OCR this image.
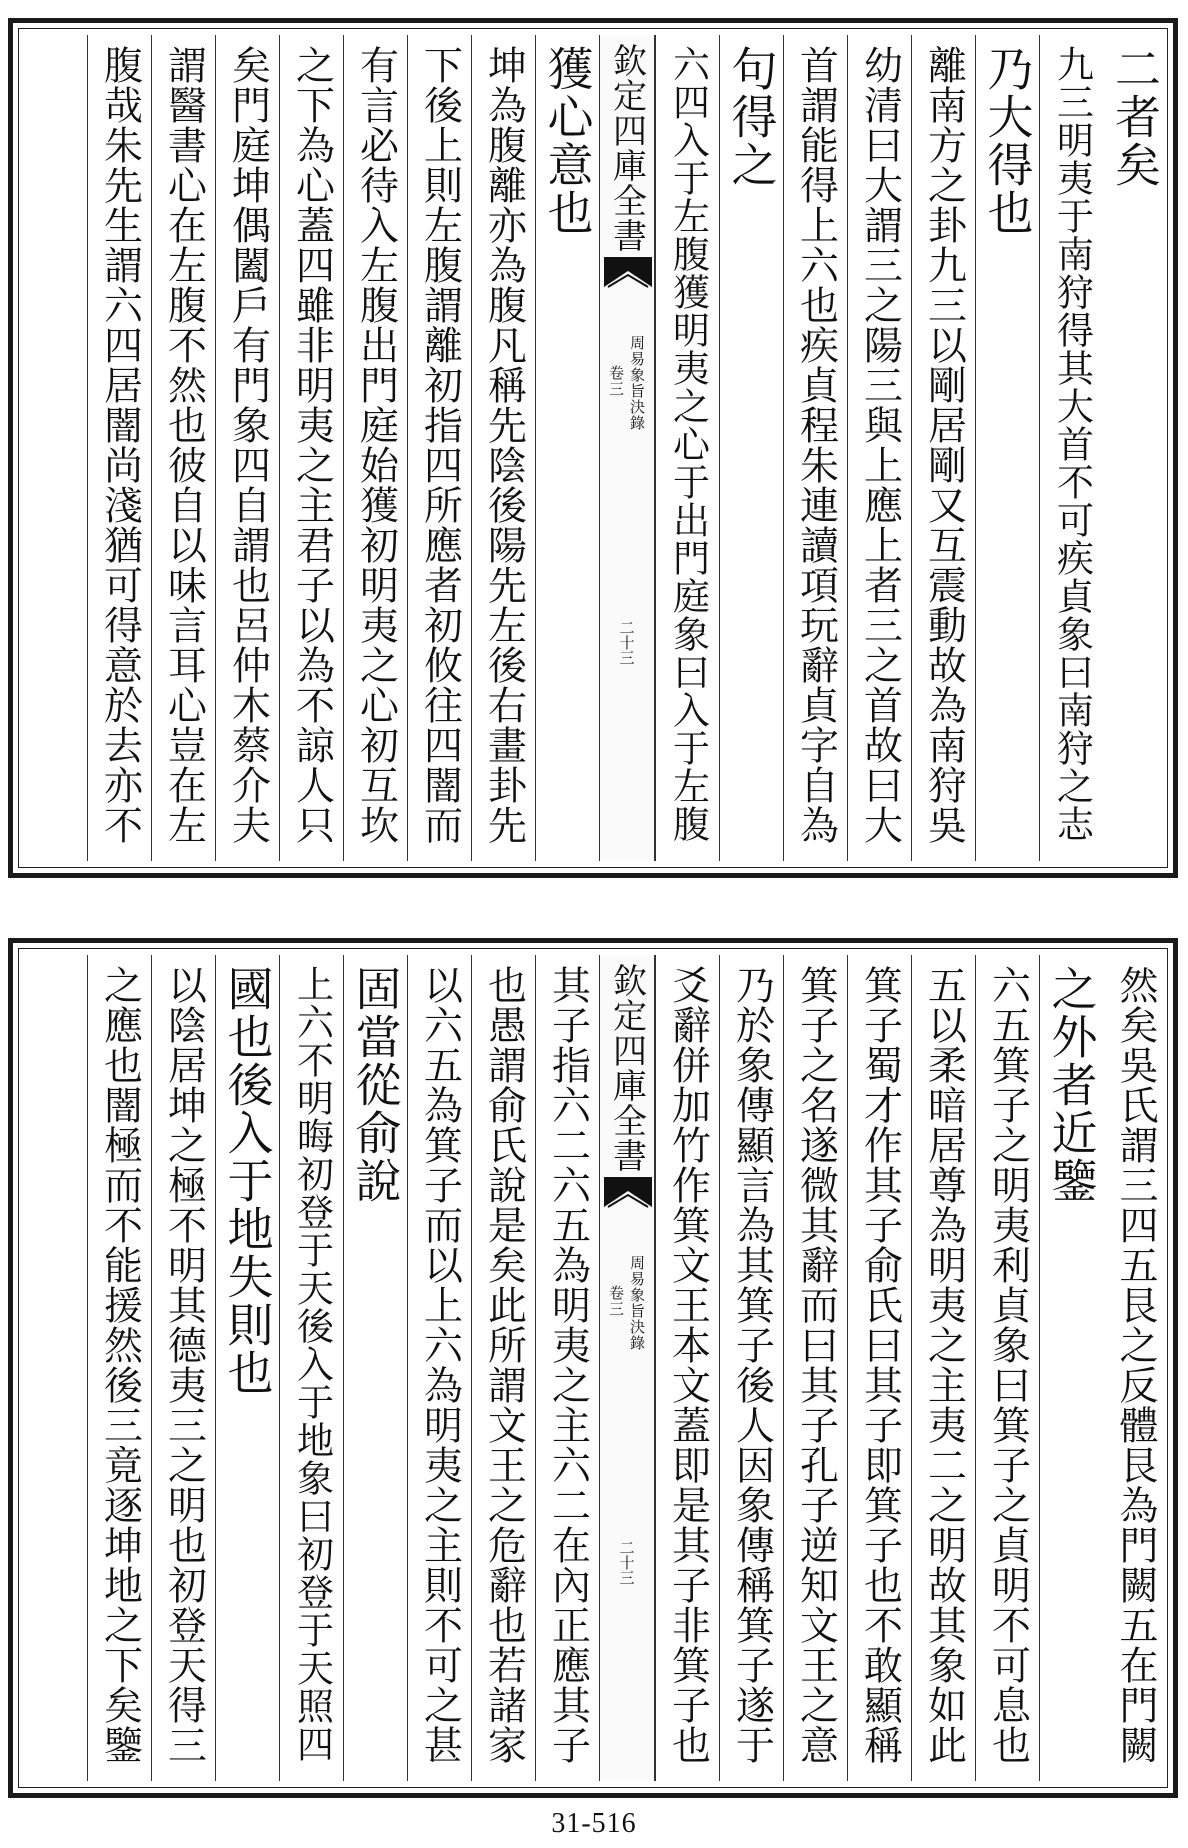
二者矣
九三明夷于南狩得其大首不可疾貞象曰南狩之志
乃大得也
離南方之卦九三以剛居剛又互震動故為南狩吳
幼清曰大謂三之陽三與上應上者三之首故曰大
首謂能得上六也疾貞程朱連讀項玩辭貞字自為
句得之
六四入于左腹獲明夷之心于出門庭象曰入于左腹
欽定四庫全書
周易象旨決錄
卷三
二十三
獲心意也
坤為腹離亦為腹凡稱先陰後陽先左後右畫卦先
下後上則左腹謂離初指四所應者初攸往四闇而
有言必待入左腹出門庭始獲初明夷之心初互坎
之下為心蓋四雖非明夷之主君子以為不諒人只
矣門庭坤偶闔戶有門象四自謂也呂仲木蔡介夫
謂醫書心在左腹不然也彼自以味言耳心豈在左
腹哉朱先生謂六四居闇尚淺猶可得意於去亦不
然矣吳氏謂三四五艮之反體艮為門闕五在門闕
之外者近鑒
六五箕子之明夷利貞象曰箕子之貞明不可息也
五以柔暗居尊為明夷之主夷二之明故其象如此
箕子蜀才作其子俞氏曰其子即箕子也不敢顯稱
箕子之名遂微其辭而曰其子孔子逆知文王之意
乃於象傳顯言為其箕子後人因象傳稱箕子遂于
爻辭併加竹作箕文王本文蓋即是其子非箕子也
欽定四庫全書
周易象旨決錄
卷三
二十三
其子指六二六五為明夷之主六二在內正應其子
也愚謂俞氏說是矣此所謂文王之危辭也若諸家
以六五為箕子而以上六為明夷之主則不可之甚
固當從俞說
上六不明晦初登于天後入于地象曰初登于天照四
國也後入于地失則也
以陰居坤之極不明其德夷三之明也初登天得三
之應也闇極而不能援然後三竟逐坤地之下矣鑒
31-516
